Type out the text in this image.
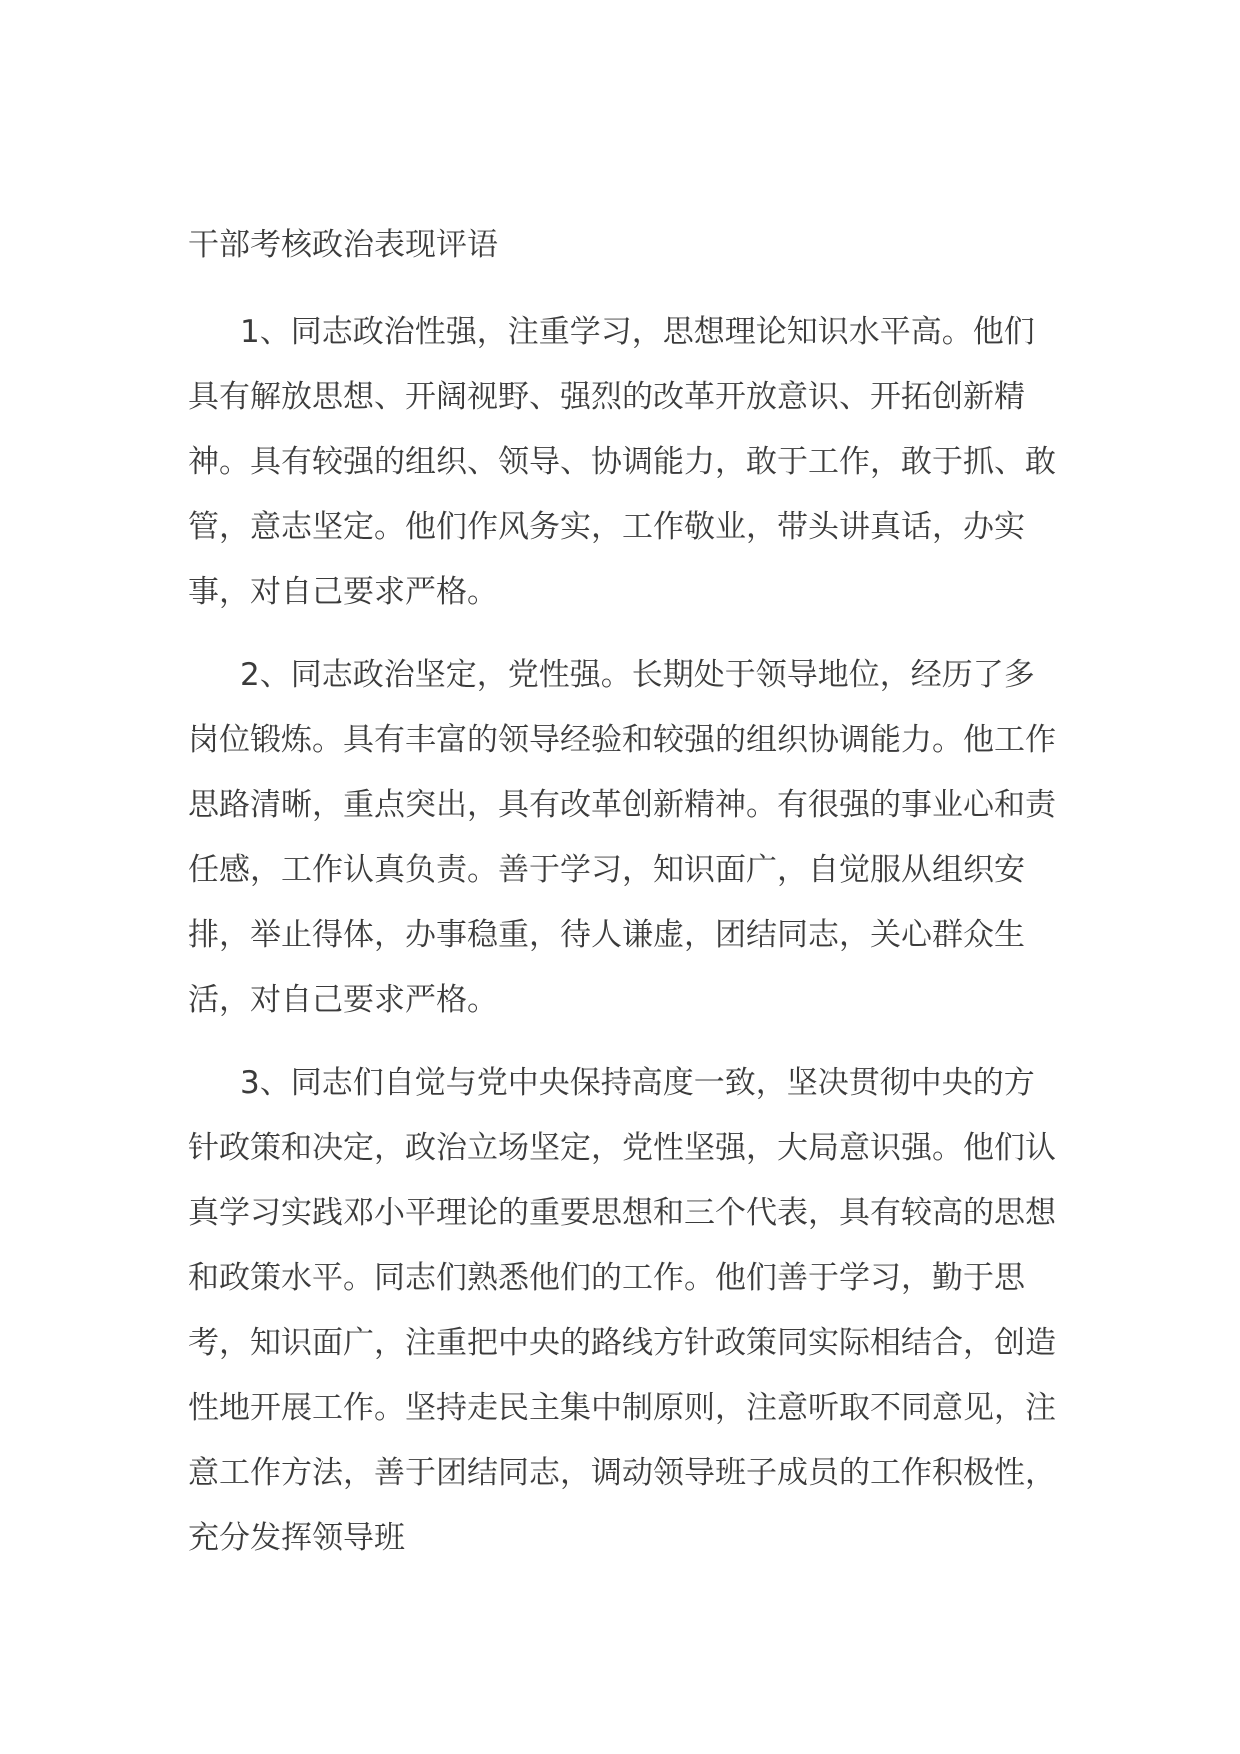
干部考核政治表现评语

1、同志政治性强，注重学习，思想理论知识水平高。他们具有解放思想、开阔视野、强烈的改革开放意识、开拓创新精神。具有较强的组织、领导、协调能力，敢于工作，敢于抓、敢管，意志坚定。他们作风务实，工作敬业，带头讲真话，办实事，对自己要求严格。

2、同志政治坚定，党性强。长期处于领导地位，经历了多岗位锻炼。具有丰富的领导经验和较强的组织协调能力。他工作思路清晰，重点突出，具有改革创新精神。有很强的事业心和责任感，工作认真负责。善于学习，知识面广，自觉服从组织安排，举止得体，办事稳重，待人谦虚，团结同志，关心群众生活，对自己要求严格。

3、同志们自觉与党中央保持高度一致，坚决贯彻中央的方针政策和决定，政治立场坚定，党性坚强，大局意识强。他们认真学习实践邓小平理论的重要思想和三个代表，具有较高的思想和政策水平。同志们熟悉他们的工作。他们善于学习，勤于思考，知识面广，注重把中央的路线方针政策同实际相结合，创造性地开展工作。坚持走民主集中制原则，注意听取不同意见，注意工作方法，善于团结同志，调动领导班子成员的工作积极性，充分发挥领导班
